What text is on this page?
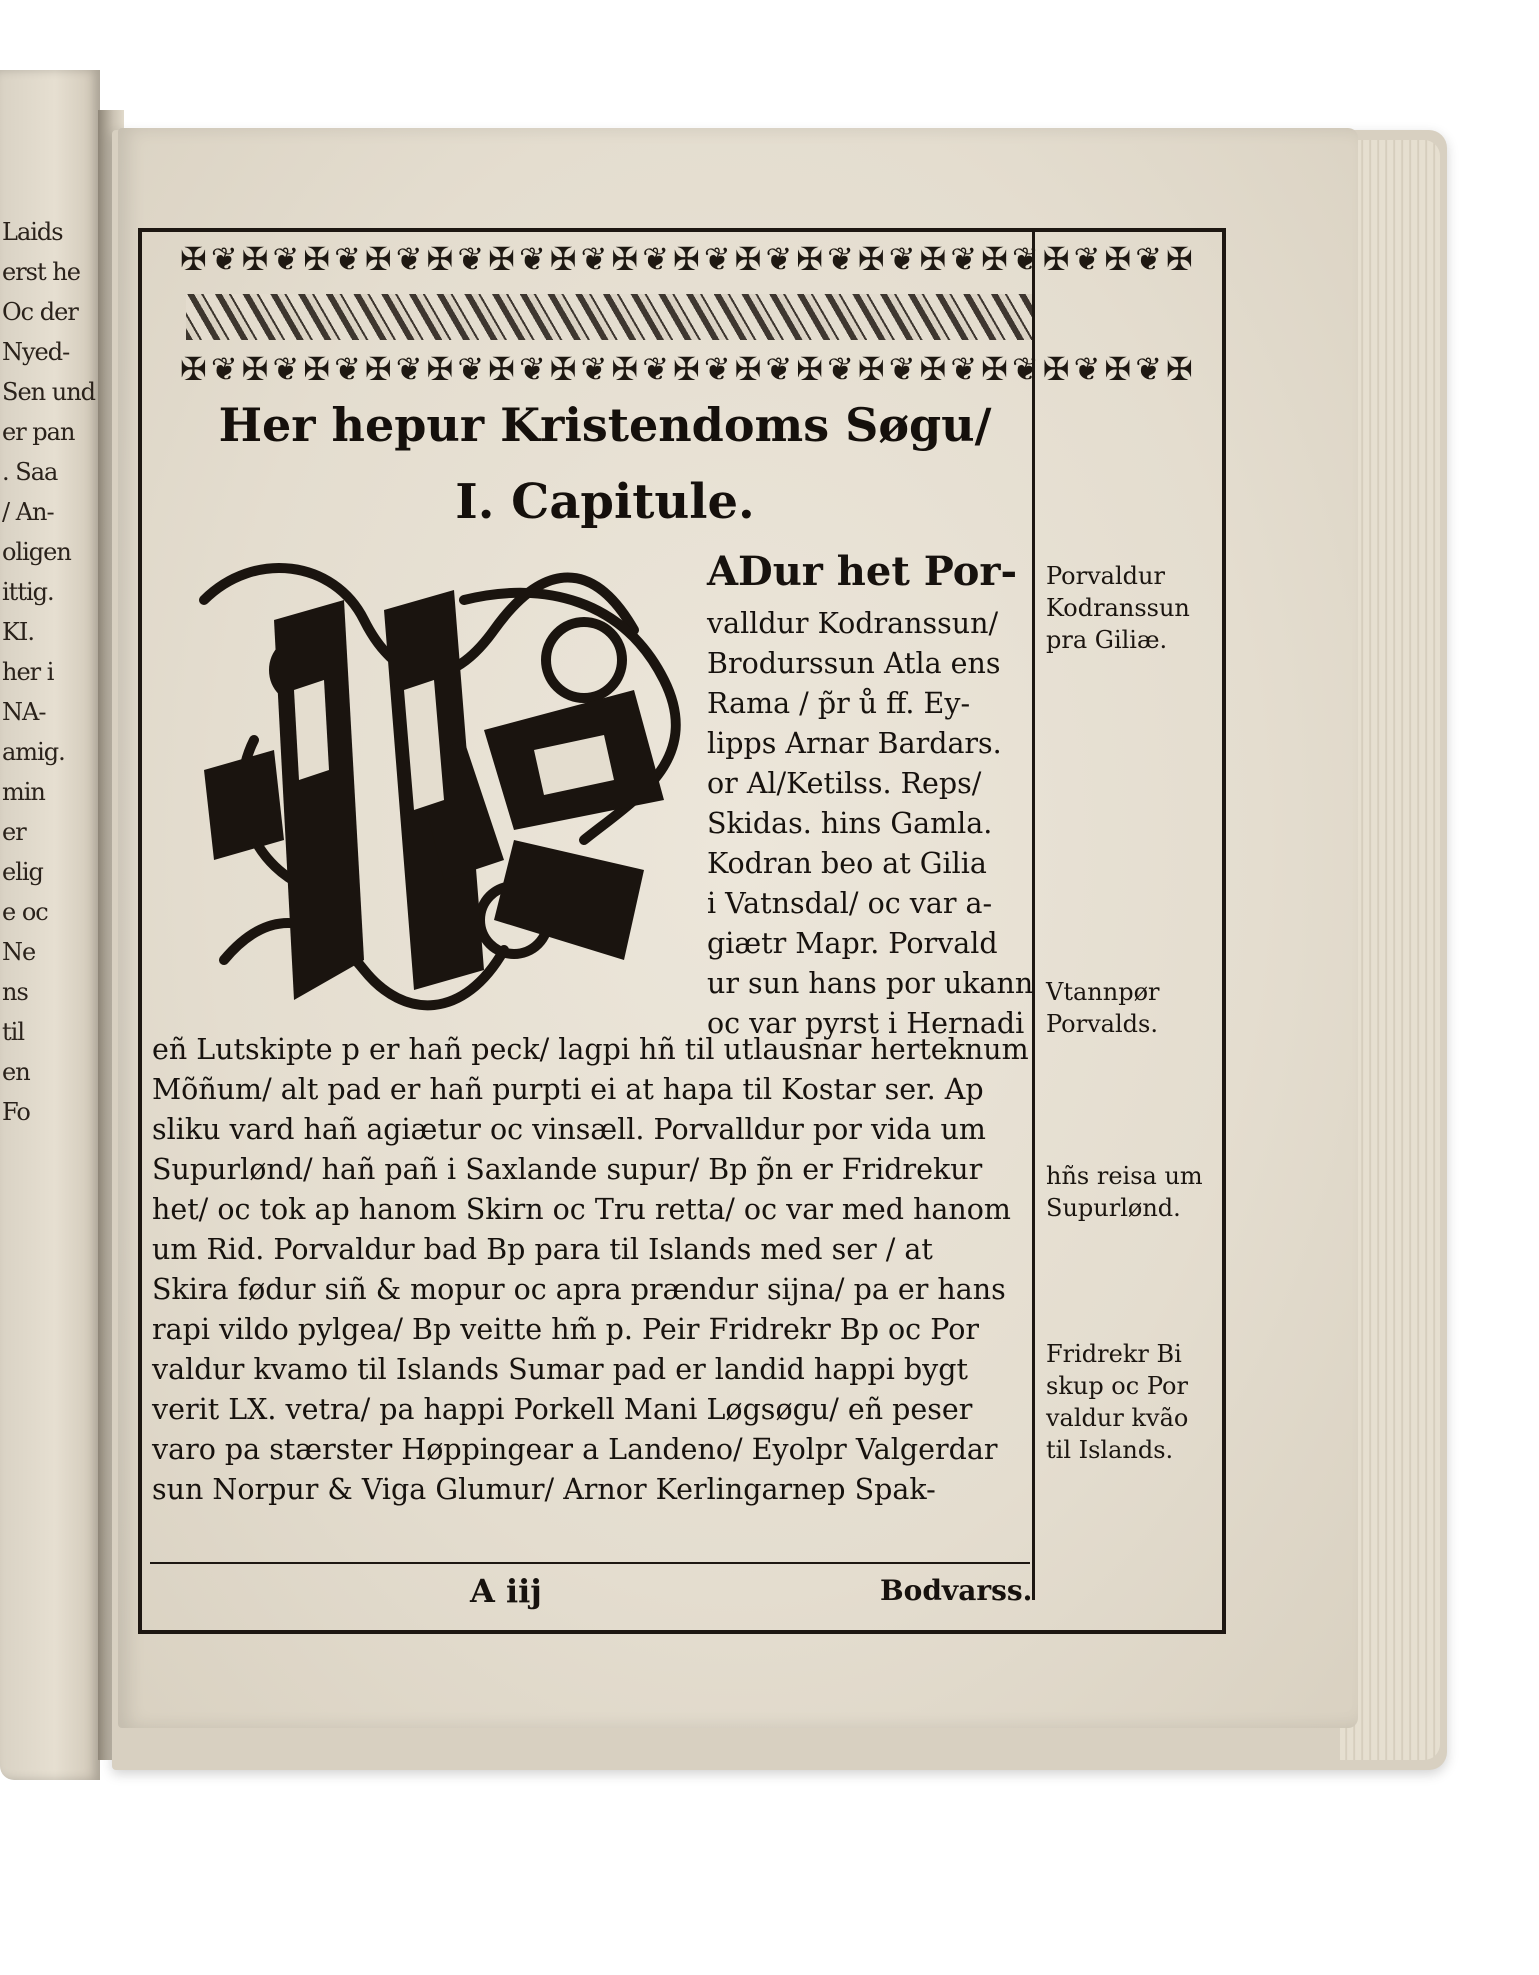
Laids
erst he
Oc der
Nyed-
Sen und
er pan
. Saa
/ An-
oligen
ittig.
KI.
her i
NA-
amig.
min
er
elig
e oc
Ne
ns
til
en
Fo

✠❦✠❦✠❦✠❦✠❦✠❦✠❦✠❦✠❦✠❦✠❦✠❦✠❦✠❦✠❦✠❦✠
✠❦✠❦✠❦✠❦✠❦✠❦✠❦✠❦✠❦✠❦✠❦✠❦✠❦✠❦✠❦✠❦✠
Her hepur Kristendoms Søgu/
I. Capitule.
ADur het Por-
valldur Kodranssun/
Brodurssun Atla ens
Rama / p̃r ů ff. Ey-
lipps Arnar Bardars.
or Al/Ketilss. Reps/
Skidas. hins Gamla.
Kodran beo at Gilia
i Vatnsdal/ oc var a-
giætr Mapr. Porvald
ur sun hans por ukann
oc var pyrst i Hernadi
eñ Lutskipte p er hañ peck/ lagpi hñ til utlausnar herteknum
Mõñum/ alt pad er hañ purpti ei at hapa til Kostar ser. Ap
sliku vard hañ agiætur oc vinsæll. Porvalldur por vida um
Supurlønd/ hañ pañ i Saxlande supur/ Bp p̃n er Fridrekur
het/ oc tok ap hanom Skirn oc Tru retta/ oc var med hanom
um Rid. Porvaldur bad Bp para til Islands med ser / at
Skira fødur siñ & mopur oc apra prændur sijna/ pa er hans
rapi vildo pylgea/ Bp veitte hm̃ p. Peir Fridrekr Bp oc Por
valdur kvamo til Islands Sumar pad er landid happi bygt
verit LX. vetra/ pa happi Porkell Mani Løgsøgu/ eñ peser
varo pa stærster Høppingear a Landeno/ Eyolpr Valgerdar
sun Norpur & Viga Glumur/ Arnor Kerlingarnep Spak-
A iij	Bodvarss.
Porvaldur
Kodranssun
pra Giliæ.
Vtannpør
Porvalds.
hñs reisa um
Supurlønd.
Fridrekr Bi
skup oc Por
valdur kvão
til Islands.
